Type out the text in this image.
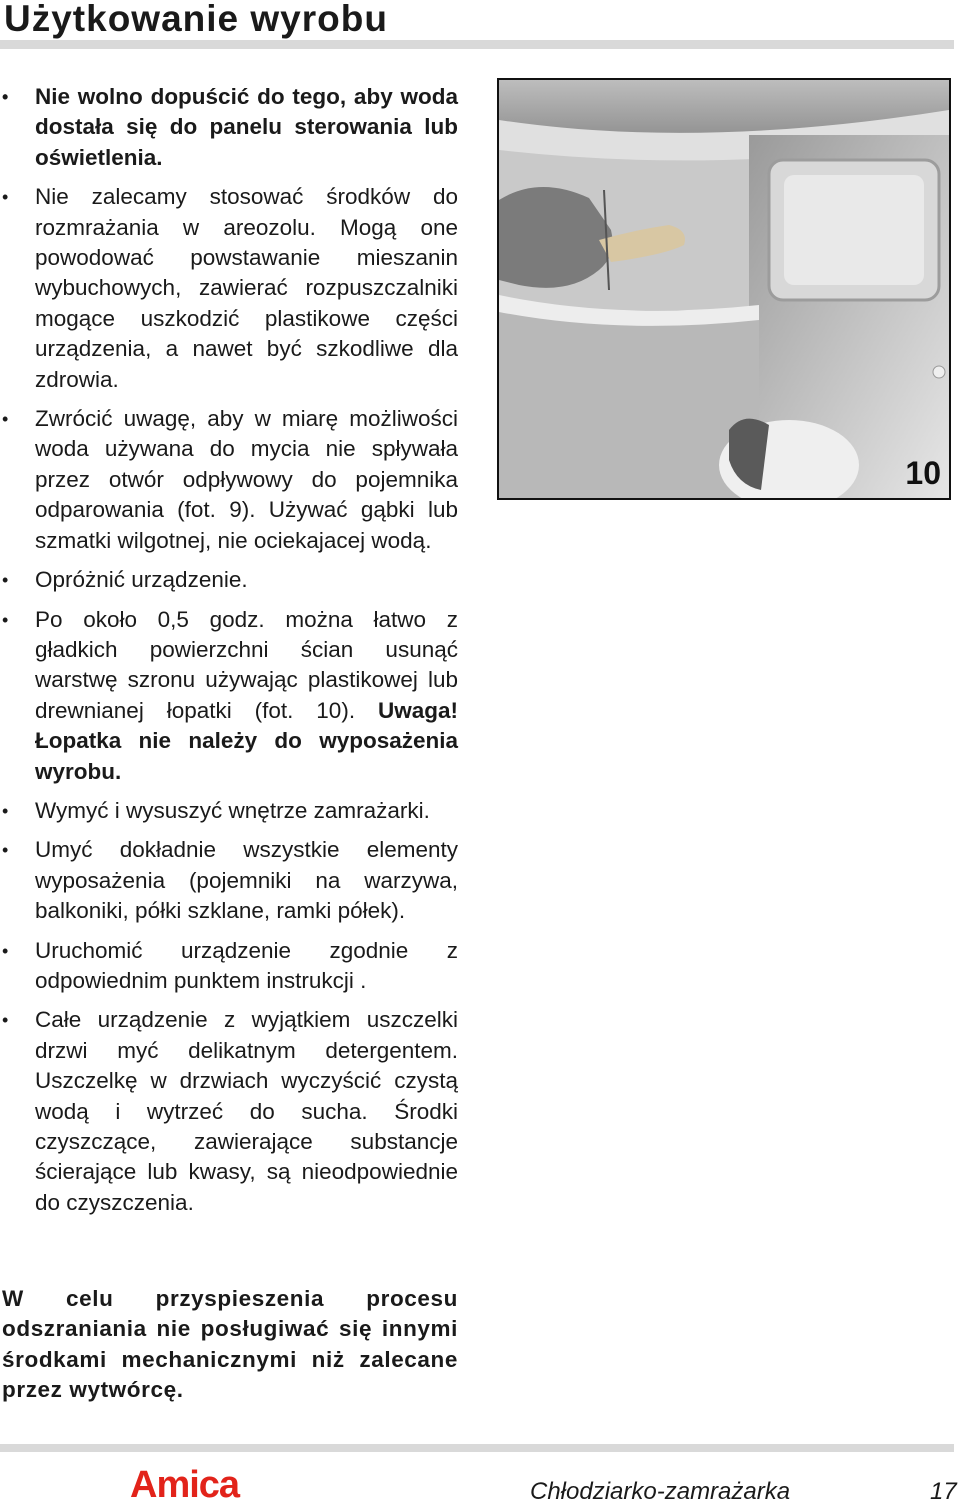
Użytkowanie wyrobu
• Nie wolno dopuścić do tego, aby woda dostała się do panelu sterowania lub oświetlenia.
• Nie zalecamy stosować środków do rozmrażania w areozolu. Mogą one powodować powstawanie mieszanin wybuchowych, zawierać rozpuszczalniki mogące uszkodzić plastikowe części urządzenia, a nawet być szkodliwe dla zdrowia.
• Zwrócić uwagę, aby w miarę możliwości woda używana do mycia nie spływała przez otwór odpływowy do pojemnika odparowania (fot. 9). Używać gąbki lub szmatki wilgotnej, nie ociekajacej wodą.
• Opróżnić urządzenie.
• Po około 0,5 godz. można łatwo z gładkich powierzchni ścian usunąć warstwę szronu używając plastikowej lub drewnianej łopatki (fot. 10). Uwaga! Łopatka nie należy do wyposażenia wyrobu.
• Wymyć i wysuszyć wnętrze zamrażarki.
• Umyć dokładnie wszystkie elementy wyposażenia (pojemniki na warzywa, balkoniki, półki szklane, ramki półek).
• Uruchomić urządzenie zgodnie z odpowiednim punktem instrukcji .
• Całe urządzenie z wyjątkiem uszczelki drzwi myć delikatnym detergentem. Uszczelkę w drzwiach wyczyścić czystą wodą i wytrzeć do sucha. Środki czyszczące, zawierające substancje ścierające lub kwasy, są nieodpowiednie do czyszczenia.

W celu przyspieszenia procesu odszraniania nie posługiwać się innymi środkami mechanicznymi niż zalecane przez wytwórcę.

10
Amica	Chłodziarko-zamrażarka	17
